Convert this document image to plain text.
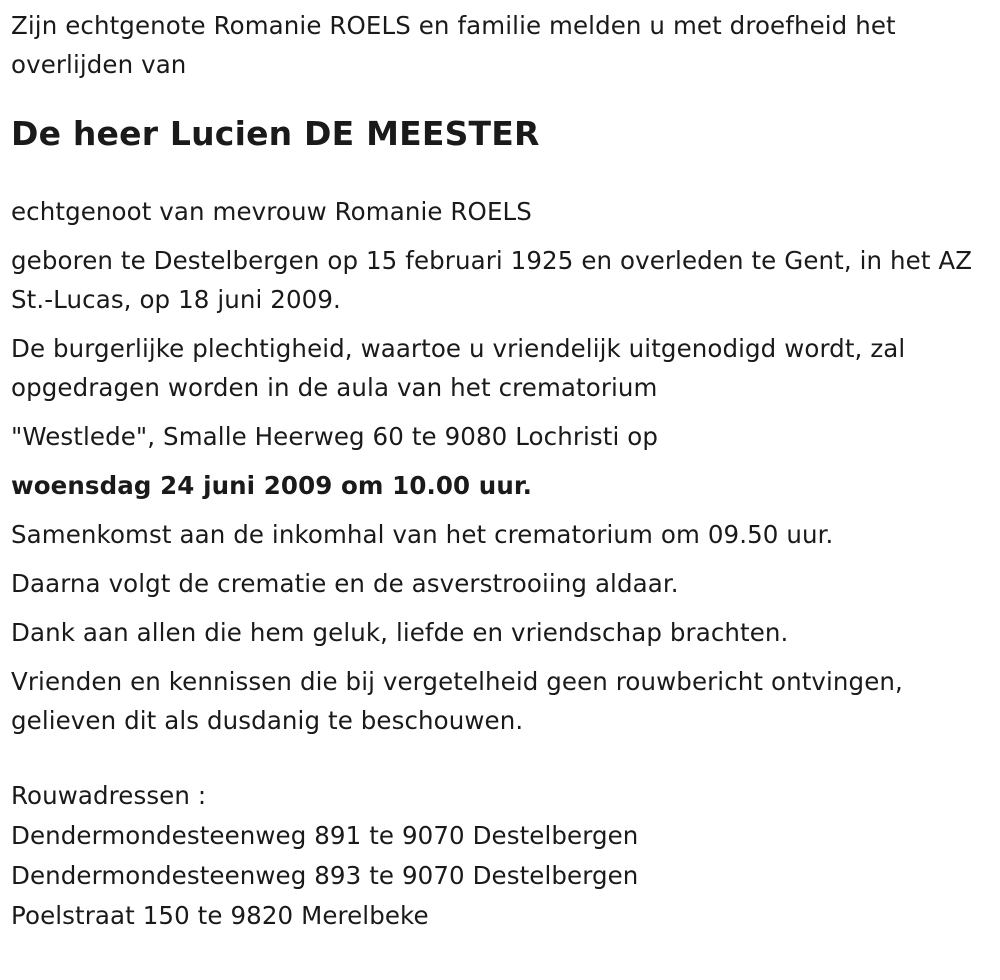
Zijn echtgenote Romanie ROELS en familie melden u met droefheid het overlijden van

De heer Lucien DE MEESTER

echtgenoot van mevrouw Romanie ROELS

geboren te Destelbergen op 15 februari 1925 en overleden te Gent, in het AZ St.-Lucas, op 18 juni 2009.

De burgerlijke plechtigheid, waartoe u vriendelijk uitgenodigd wordt, zal opgedragen worden in de aula van het crematorium

"Westlede", Smalle Heerweg 60 te 9080 Lochristi op

woensdag 24 juni 2009 om 10.00 uur.

Samenkomst aan de inkomhal van het crematorium om 09.50 uur.

Daarna volgt de crematie en de asverstrooiing aldaar.

Dank aan allen die hem geluk, liefde en vriendschap brachten.

Vrienden en kennissen die bij vergetelheid geen rouwbericht ontvingen, gelieven dit als dusdanig te beschouwen.

Rouwadressen :

Dendermondesteenweg 891 te 9070 Destelbergen

Dendermondesteenweg 893 te 9070 Destelbergen

Poelstraat 150 te 9820 Merelbeke
